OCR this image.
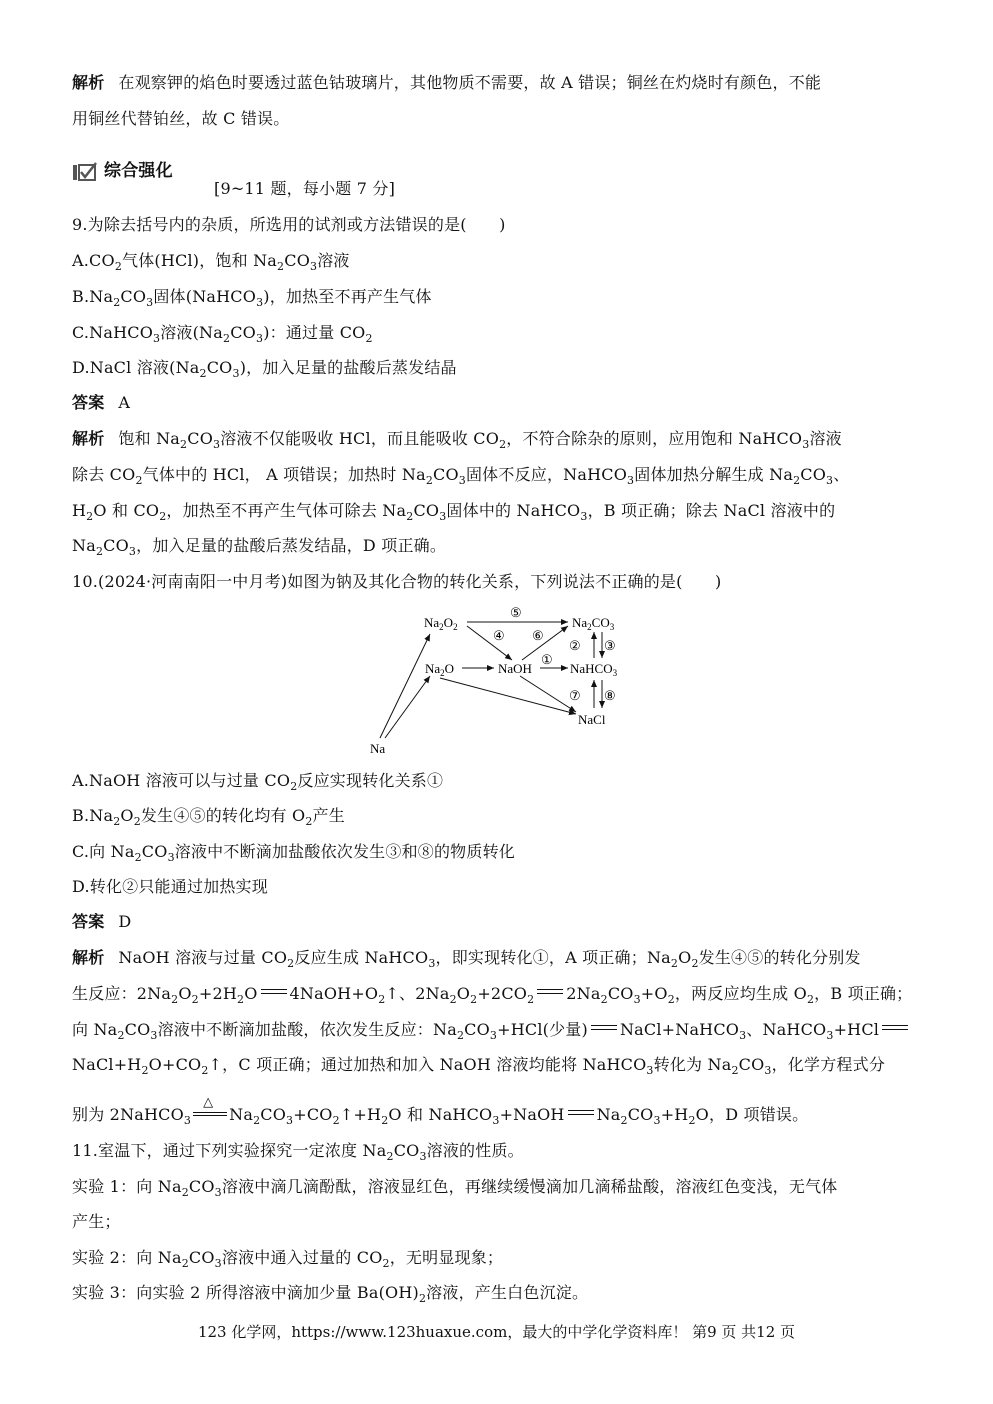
解析 在观察钾的焰色时要透过蓝色钴玻璃片，其他物质不需要，故 A 错误；铜丝在灼烧时有颜色，不能
用铜丝代替铂丝，故 C 错误。
综合强化
[9~11 题，每小题 7 分]
9.为除去括号内的杂质，所选用的试剂或方法错误的是(　　)
$A.CO_2$气体(HCl)，饱和 $Na_2CO_3$溶液
$B.Na_2CO_3$固体(NaHCO$_3$)，加热至不再产生气体
C.NaHCO$_3$溶液$(Na_2CO_3)$：通过量 $CO_2$
D.NaCl 溶液$(Na_2CO_3)$，加入足量的盐酸后蒸发结晶
答案 A
解析 饱和 $Na_2CO_3$溶液不仅能吸收 HCl，而且能吸收 $CO_2$，不符合除杂的原则，应用饱和 NaHCO$_3$溶液
除去 $CO_2$气体中的 HCl， A 项错误；加热时 $Na_2CO_3$固体不反应，NaHCO$_3$固体加热分解生成 $Na_2CO_3$、
$H_2O$ 和 $CO_2$，加热至不再产生气体可除去 $Na_2CO_3$固体中的 NaHCO$_3$，B 项正确；除去 NaCl 溶液中的
$Na_2CO_3$，加入足量的盐酸后蒸发结晶，D 项正确。
10.(2024·河南南阳一中月考)如图为钠及其化合物的转化关系，下列说法不正确的是(　　)
$Na_2O_2$	$Na_2CO_3$
$Na_2O$	NaOH	NaHCO$_3$
NaCl
Na
⑤
④ ⑥
①
② ③
⑦ ⑧
A.NaOH 溶液可以与过量 $CO_2$反应实现转化关系①
$B.Na_2O_2$发生④⑤的转化均有 $O_2$产生
C.向 $Na_2CO_3$溶液中不断滴加盐酸依次发生③和⑧的物质转化
D.转化②只能通过加热实现
答案 D
解析 NaOH 溶液与过量 $CO_2$反应生成 NaHCO$_3$，即实现转化①，A 项正确；$Na_2O_2$发生④⑤的转化分别发
生反应：$2Na_2O_2+2H_2O$ $4NaOH+O_2↑$、$2Na_2O_2+2CO_2$ $2Na_2CO_3+O_2$，两反应均生成 $O_2$，B 项正确；
向 $Na_2CO_3$溶液中不断滴加盐酸，依次发生反应：$Na_2CO_3+HCl$(少量) NaCl+NaHCO$_3$、NaHCO$_3$+HCl
$NaCl+H_2O+CO_2↑$，C 项正确；通过加热和加入 NaOH 溶液均能将 NaHCO$_3$转化为 $Na_2CO_3$，化学方程式分
别为 2NaHCO$_3$
△
$Na_2CO_3+CO_2↑+H_2O$ 和 NaHCO$_3$+NaOH $Na_2CO_3+H_2O$，D 项错误。
11.室温下，通过下列实验探究一定浓度 $Na_2CO_3$溶液的性质。
实验 1：向 $Na_2CO_3$溶液中滴几滴酚酞，溶液显红色，再继续缓慢滴加几滴稀盐酸，溶液红色变浅，无气体
产生；
实验 2：向 $Na_2CO_3$溶液中通入过量的 $CO_2$，无明显现象；
实验 3：向实验 2 所得溶液中滴加少量 $Ba(OH)_2$溶液，产生白色沉淀。
123 化学网，https://www.123huaxue.com，最大的中学化学资料库！ 第9 页 共12 页
